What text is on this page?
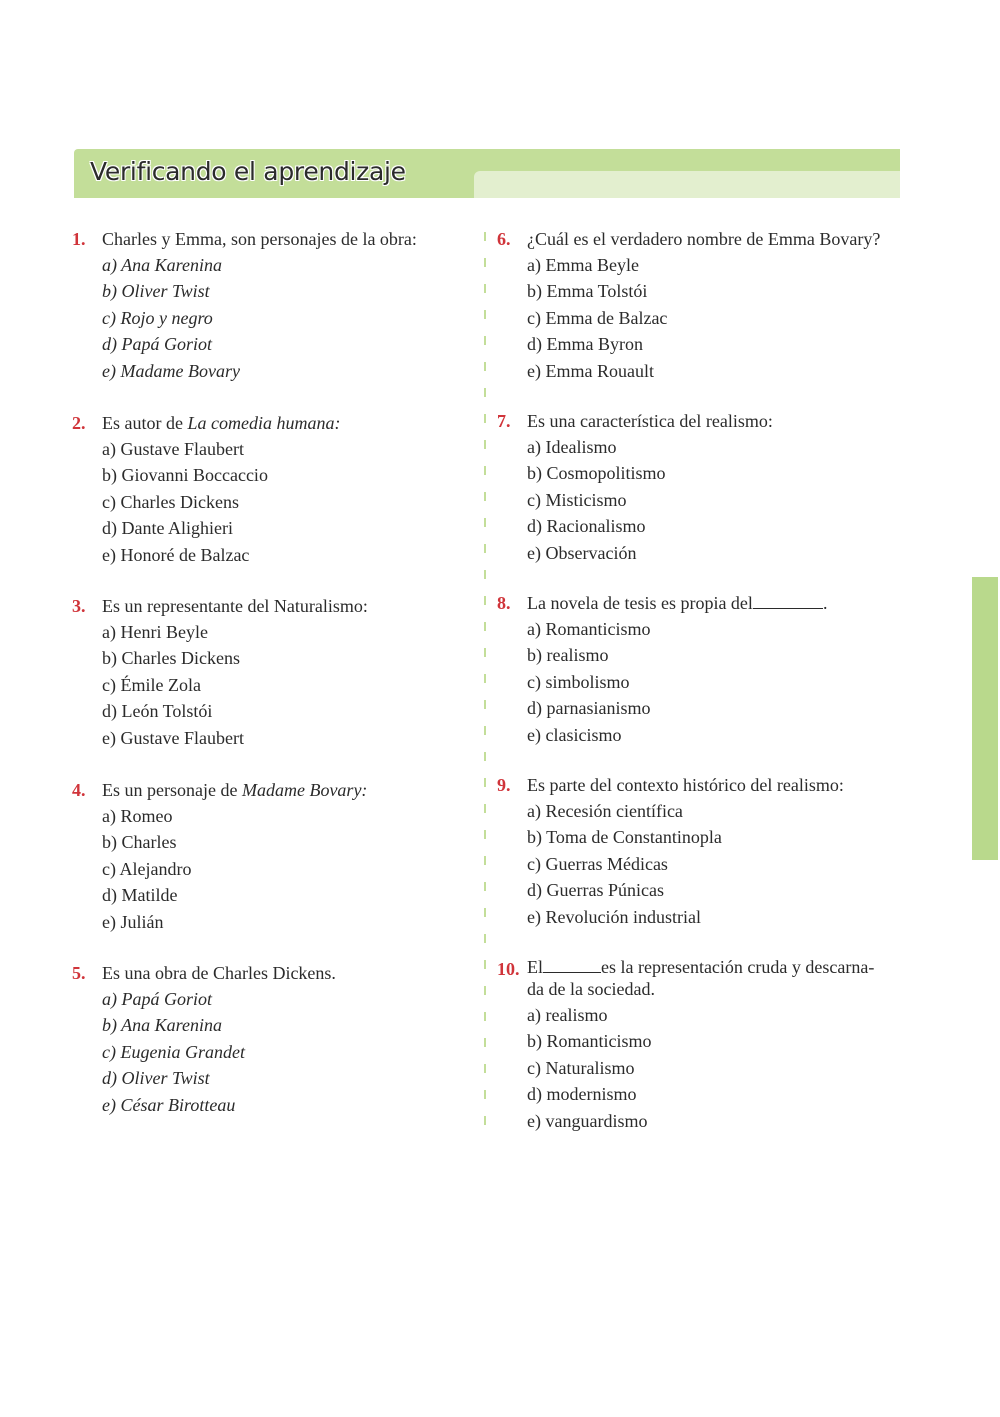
Verificando el aprendizaje
1. Charles y Emma, son personajes de la obra:
a) Ana Karenina
b) Oliver Twist
c) Rojo y negro
d) Papá Goriot
e) Madame Bovary
2. Es autor de La comedia humana:
a) Gustave Flaubert
b) Giovanni Boccaccio
c) Charles Dickens
d) Dante Alighieri
e) Honoré de Balzac
3. Es un representante del Naturalismo:
a) Henri Beyle
b) Charles Dickens
c) Émile Zola
d) León Tolstói
e) Gustave Flaubert
4. Es un personaje de Madame Bovary:
a) Romeo
b) Charles
c) Alejandro
d) Matilde
e) Julián
5. Es una obra de Charles Dickens.
a) Papá Goriot
b) Ana Karenina
c) Eugenia Grandet
d) Oliver Twist
e) César Birotteau
6. ¿Cuál es el verdadero nombre de Emma Bovary?
a) Emma Beyle
b) Emma Tolstói
c) Emma de Balzac
d) Emma Byron
e) Emma Rouault
7. Es una característica del realismo:
a) Idealismo
b) Cosmopolitismo
c) Misticismo
d) Racionalismo
e) Observación
8. La novela de tesis es propia del	.
a) Romanticismo
b) realismo
c) simbolismo
d) parnasianismo
e) clasicismo
9. Es parte del contexto histórico del realismo:
a) Recesión científica
b) Toma de Constantinopla
c) Guerras Médicas
d) Guerras Púnicas
e) Revolución industrial
10. El	es la representación cruda y descarna-
da de la sociedad.
a) realismo
b) Romanticismo
c) Naturalismo
d) modernismo
e) vanguardismo
